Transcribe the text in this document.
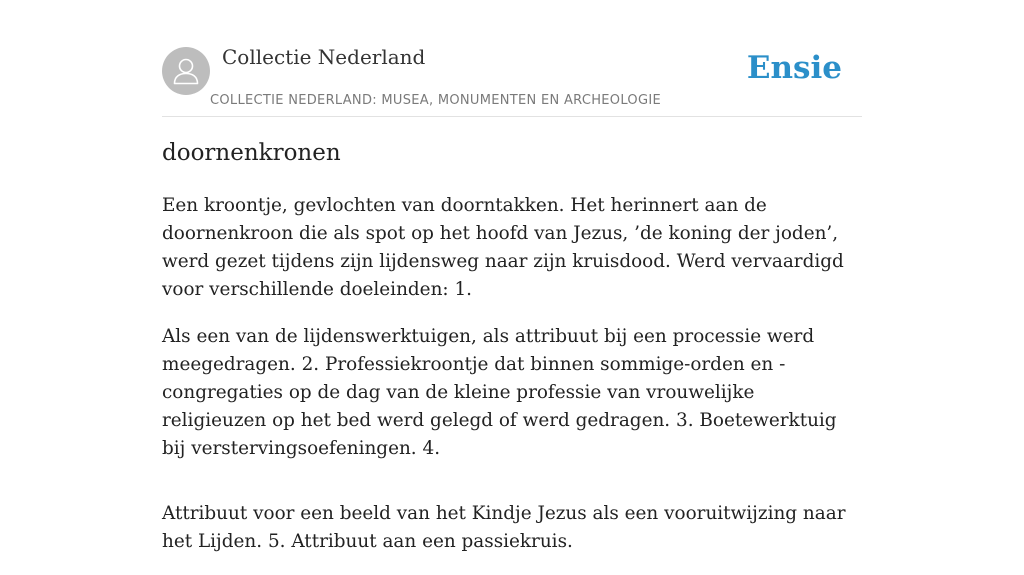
Collectie Nederland
COLLECTIE NEDERLAND: MUSEA, MONUMENTEN EN ARCHEOLOGIE
Ensie
doornenkronen

Een kroontje, gevlochten van doorntakken. Het herinnert aan de doornenkroon die als spot op het hoofd van Jezus, ’de koning der joden’, werd gezet tijdens zijn lijdensweg naar zijn kruisdood. Werd vervaardigd voor verschillende doeleinden: 1.

Als een van de lijdenswerktuigen, als attribuut bij een processie werd meegedragen. 2. Professiekroontje dat binnen sommige-orden en -congregaties op de dag van de kleine professie van vrouwelijke religieuzen op het bed werd gelegd of werd gedragen. 3. Boetewerktuig bij verstervingsoefeningen. 4.

Attribuut voor een beeld van het Kindje Jezus als een vooruitwijzing naar het Lijden. 5. Attribuut aan een passiekruis.
